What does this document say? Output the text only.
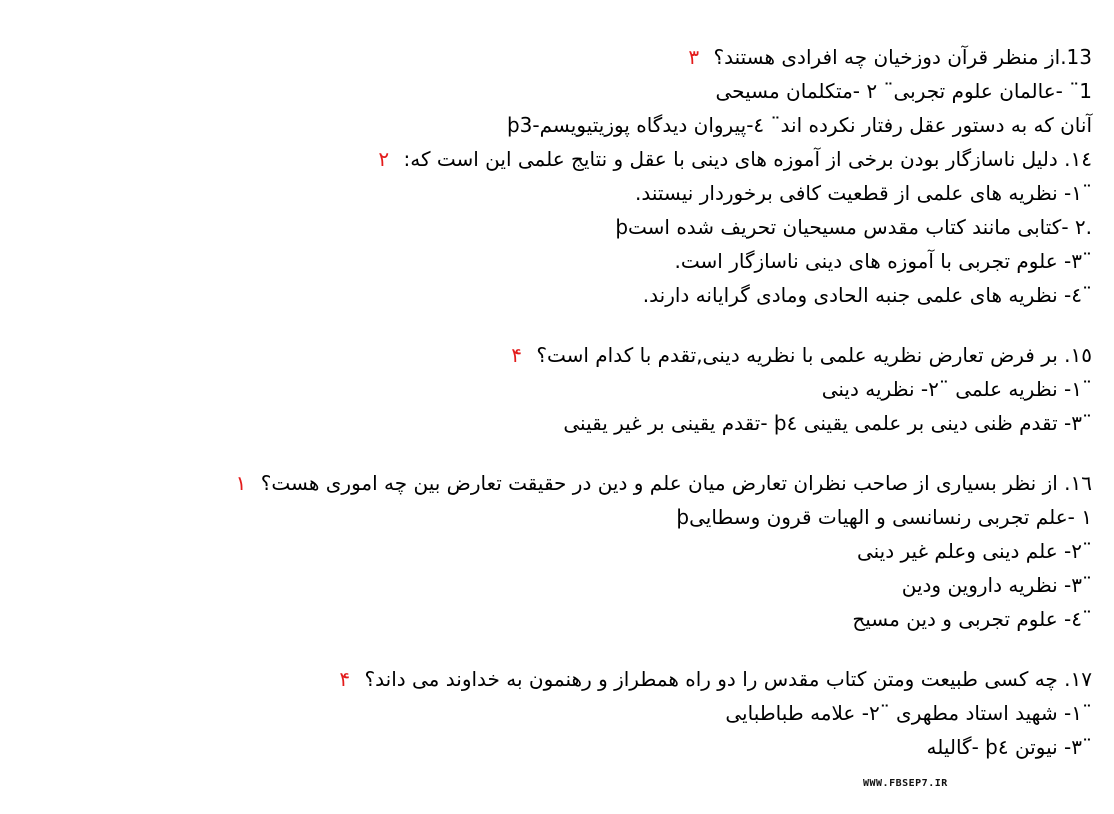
13.از منظر قرآن دوزخیان چه افرادی هستند؟ ۳
1¨ -عالمان علوم تجربی¨ ۲ -متکلمان مسیحی
þ3-آنان که به دستور عقل رفتار نکرده اند¨ ٤-پیروان دیدگاه پوزیتیویسم
١٤. دلیل ناسازگار بودن برخی از آموزه های دینی با عقل و نتایج علمی این است که: ۲
¨١- نظریه های علمی از قطعیت کافی برخوردار نیستند.
þ٢ -کتابی مانند کتاب مقدس مسیحیان تحریف شده است.
¨٣- علوم تجربی با آموزه های دینی ناسازگار است.
¨٤- نظریه های علمی جنبه الحادی ومادی گرایانه دارند.
١٥. بر فرض تعارض نظریه علمی با نظریه دینی,تقدم با کدام است؟ ۴
¨١- نظریه علمی ¨٢- نظریه دینی
¨٣- تقدم ظنی دینی بر علمی یقینی þ٤ -تقدم یقینی بر غیر یقینی
١٦. از نظر بسیاری از صاحب نظران تعارض میان علم و دین در حقیقت تعارض بین چه اموری هست؟ ۱
þ١ -علم تجربی رنسانسی و الهیات قرون وسطایی
¨٢- علم دینی وعلم غیر دینی
¨٣- نظریه داروین ودین
¨٤- علوم تجربی و دین مسیح
١٧. چه کسی طبیعت ومتن کتاب مقدس را دو راه همطراز و رهنمون به خداوند می داند؟ ۴
¨١- شهید استاد مطهری ¨٢- علامه طباطبایی
¨٣- نیوتن þ٤ -گالیله
WWW.FBSEP7.IR
